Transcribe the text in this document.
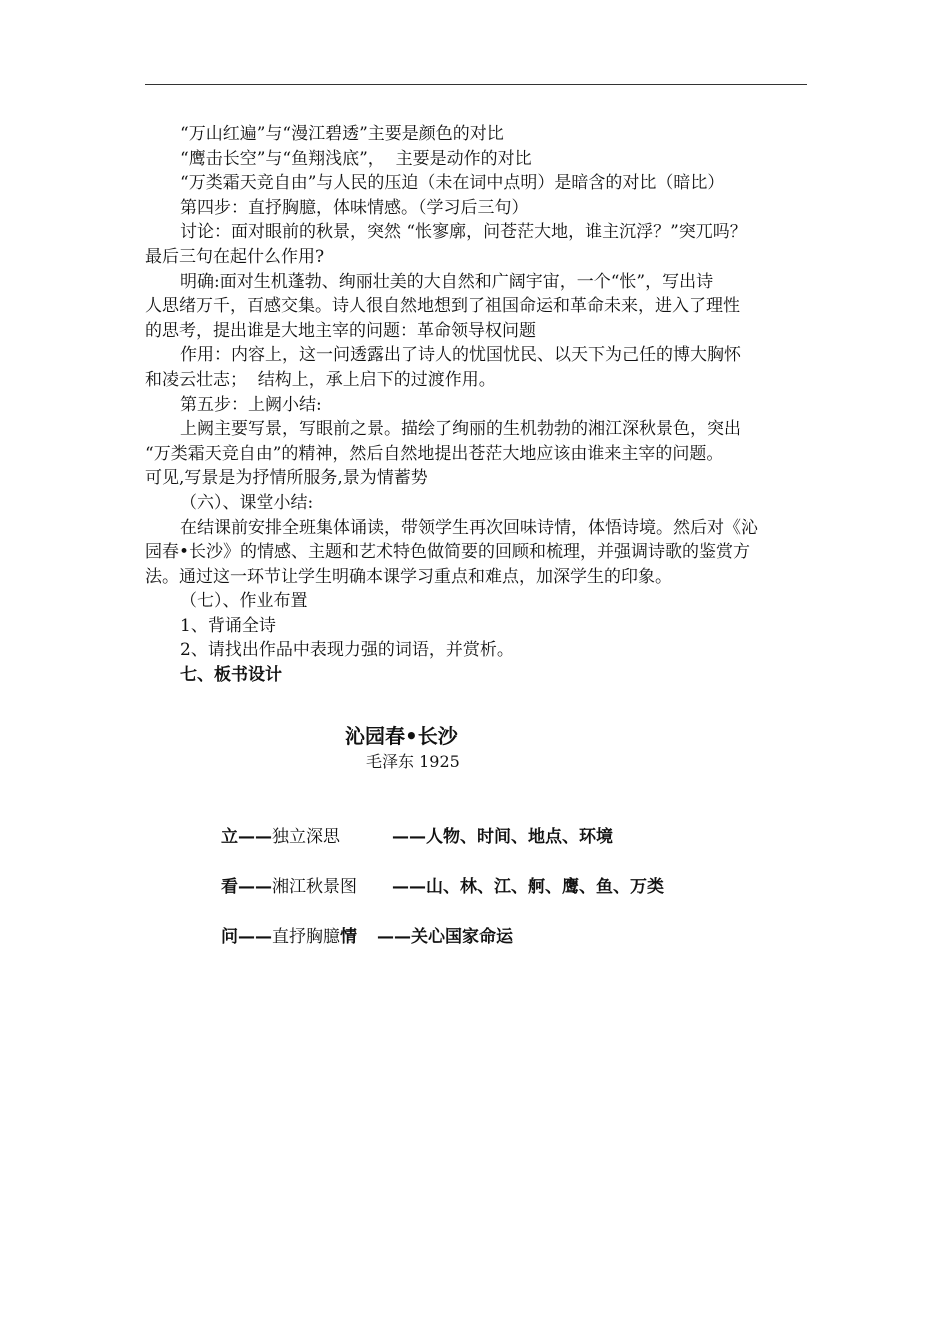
“万山红遍”与“漫江碧透”主要是颜色的对比

“鹰击长空”与“鱼翔浅底”，  主要是动作的对比

“万类霜天竞自由”与人民的压迫（未在词中点明）是暗含的对比（暗比）

第四步：直抒胸臆，体味情感。（学习后三句）

讨论：面对眼前的秋景，突然 “怅寥廓，问苍茫大地，谁主沉浮？”突兀吗？

最后三句在起什么作用?

明确:面对生机蓬勃、绚丽壮美的大自然和广阔宇宙，一个“怅”，写出诗

人思绪万千，百感交集。诗人很自然地想到了祖国命运和革命未来，进入了理性

的思考，提出谁是大地主宰的问题：革命领导权问题

作用：内容上，这一问透露出了诗人的忧国忧民、以天下为己任的博大胸怀

和凌云壮志；  结构上，承上启下的过渡作用。

第五步：上阙小结:

上阙主要写景，写眼前之景。描绘了绚丽的生机勃勃的湘江深秋景色，突出

“万类霜天竞自由”的精神，然后自然地提出苍茫大地应该由谁来主宰的问题。

可见,写景是为抒情所服务,景为情蓄势

（六）、课堂小结:

在结课前安排全班集体诵读，带领学生再次回味诗情，体悟诗境。然后对《沁

园春•长沙》的情感、主题和艺术特色做简要的回顾和梳理，并强调诗歌的鉴赏方

法。通过这一环节让学生明确本课学习重点和难点，加深学生的印象。

（七）、作业布置

1、背诵全诗

2、请找出作品中表现力强的词语，并赏析。

七、板书设计

沁园春•长沙
毛泽东 1925
立——独立深思	——人物、时间、地点、环境
看——湘江秋景图 ——山、林、江、舸、鹰、鱼、万类
问——直抒胸臆情 ——关心国家命运
